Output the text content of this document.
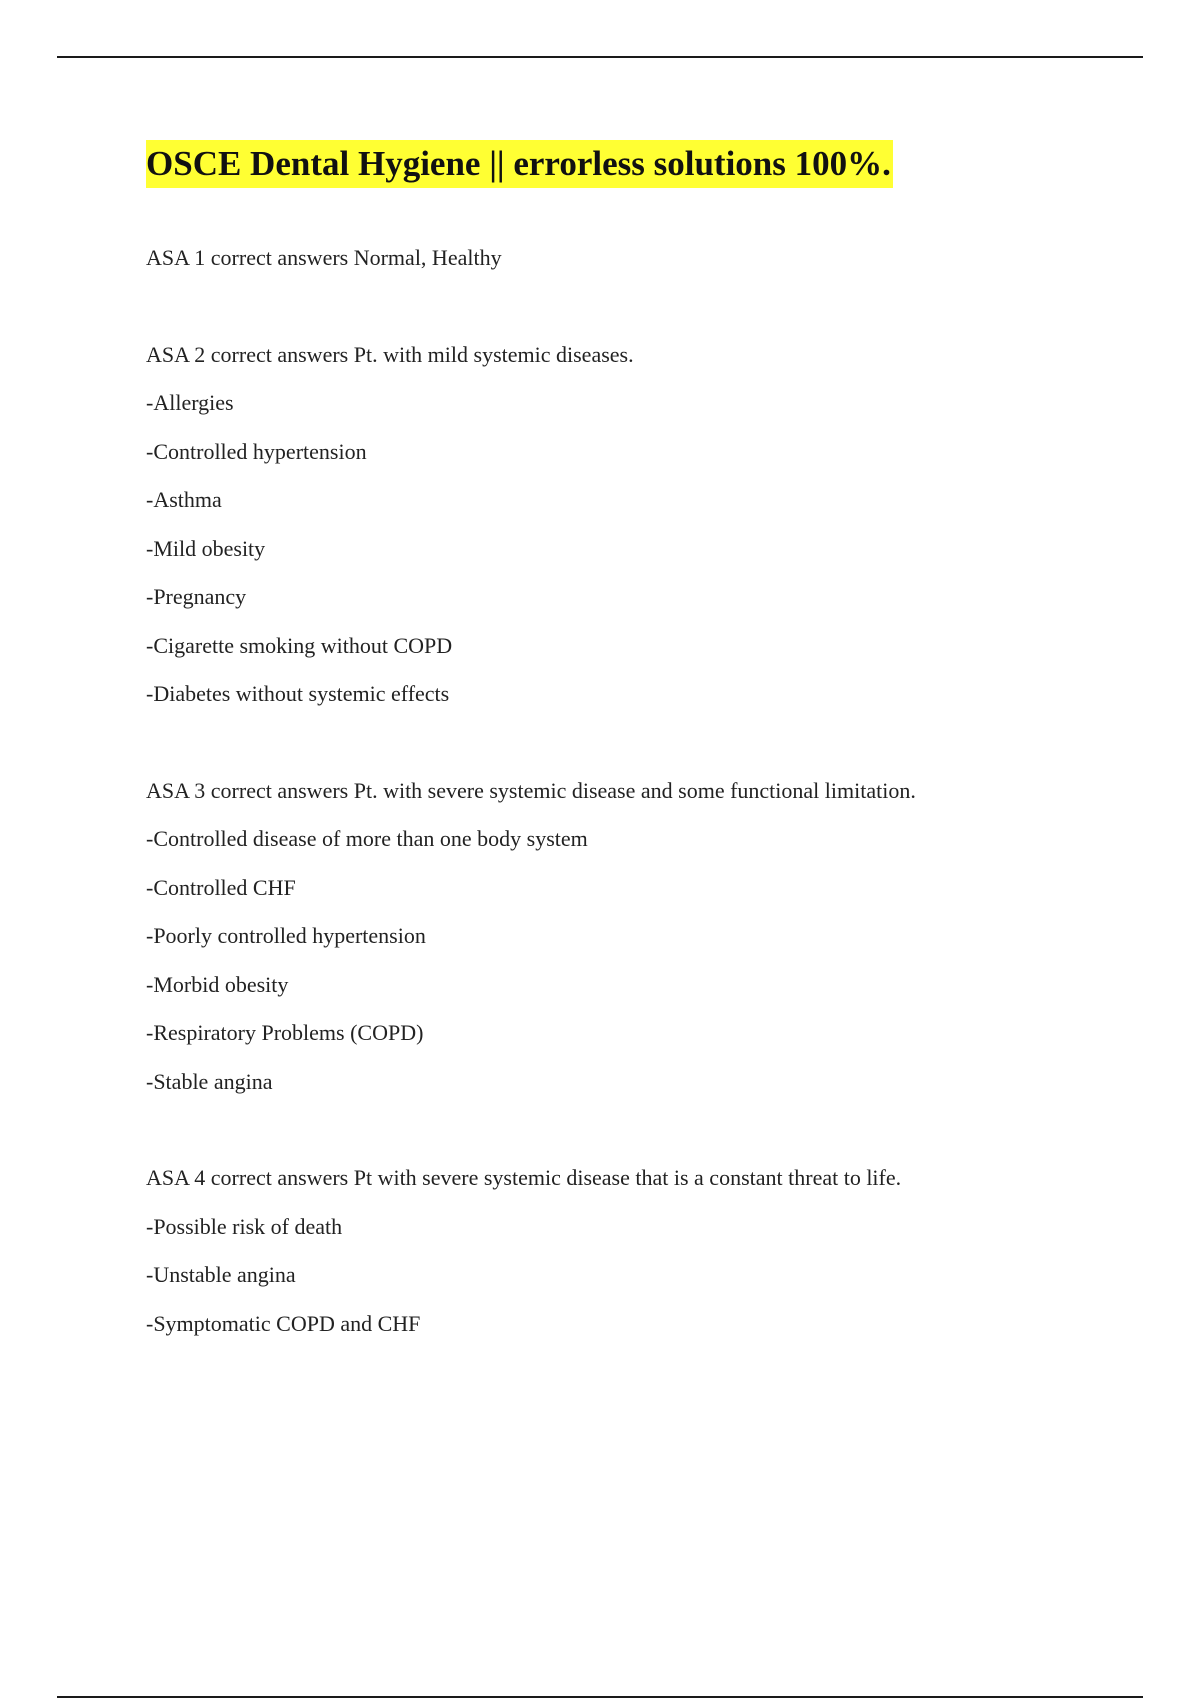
OSCE Dental Hygiene || errorless solutions 100%.
ASA 1 correct answers Normal, Healthy
ASA 2 correct answers Pt. with mild systemic diseases.
-Allergies
-Controlled hypertension
-Asthma
-Mild obesity
-Pregnancy
-Cigarette smoking without COPD
-Diabetes without systemic effects
ASA 3 correct answers Pt. with severe systemic disease and some functional limitation.
-Controlled disease of more than one body system
-Controlled CHF
-Poorly controlled hypertension
-Morbid obesity
-Respiratory Problems (COPD)
-Stable angina
ASA 4 correct answers Pt with severe systemic disease that is a constant threat to life.
-Possible risk of death
-Unstable angina
-Symptomatic COPD and CHF
